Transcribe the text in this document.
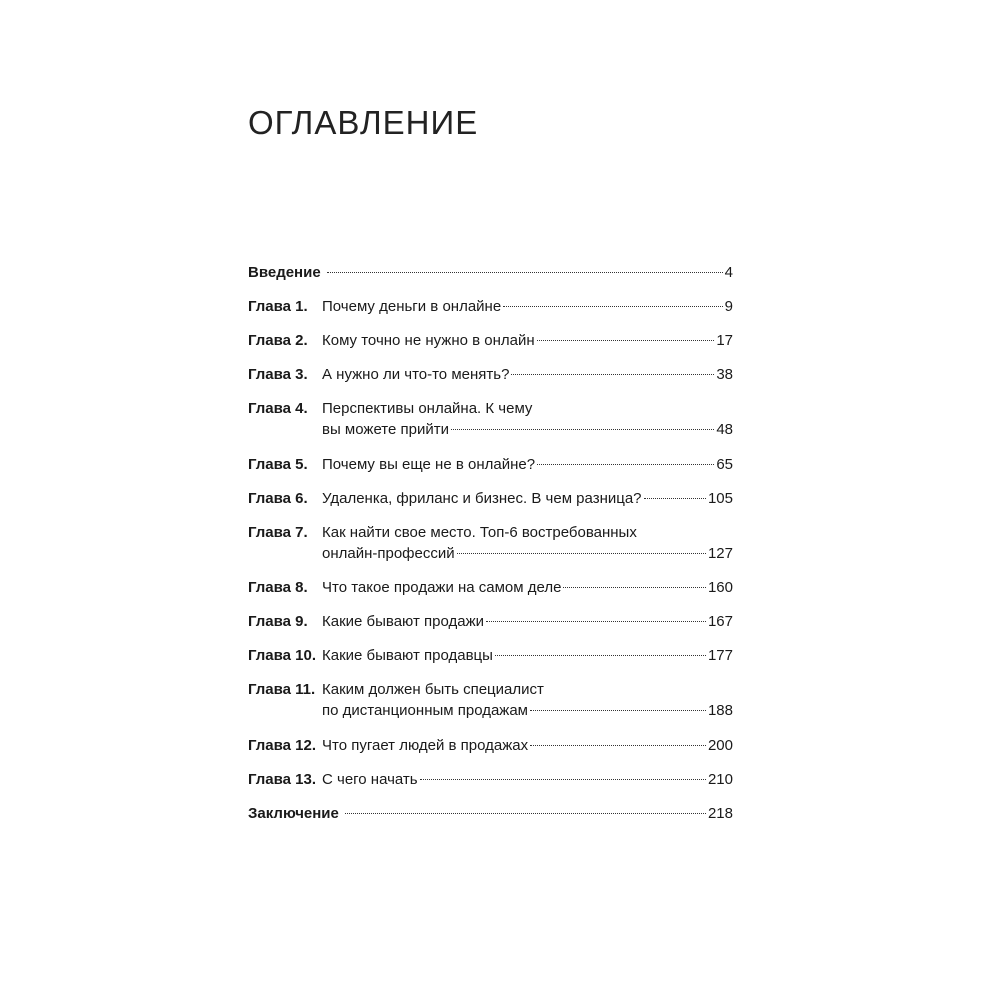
ОГЛАВЛЕНИЕ
Введение	4
Глава 1. Почему деньги в онлайне	9
Глава 2. Кому точно не нужно в онлайн	17
Глава 3. А нужно ли что-то менять?	38
Глава 4. Перспективы онлайна. К чему
вы можете прийти	48
Глава 5. Почему вы еще не в онлайне?	65
Глава 6. Удаленка, фриланс и бизнес. В чем разница?	105
Глава 7. Как найти свое место. Топ-6 востребованных
онлайн-профессий	127
Глава 8. Что такое продажи на самом деле	160
Глава 9. Какие бывают продажи	167
Глава 10. Какие бывают продавцы	177
Глава 11. Каким должен быть специалист
по дистанционным продажам	188
Глава 12. Что пугает людей в продажах	200
Глава 13. С чего начать	210
Заключение	218
